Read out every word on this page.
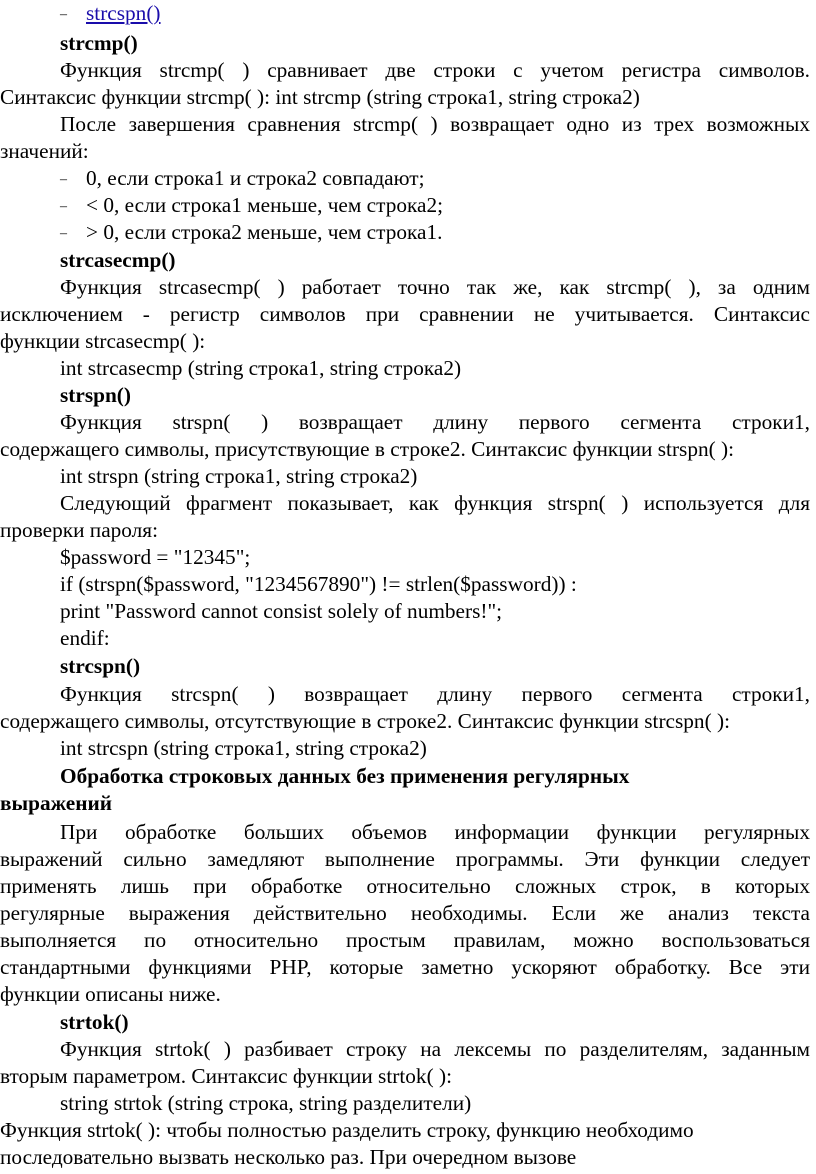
– strcspn()
strcmp()
Функция strcmp( ) сравнивает две строки с учетом регистра символов.
Синтаксис функции strcmp( ): int strcmp (string строка1, string строка2)
После завершения сравнения strcmp( ) возвращает одно из трех возможных
значений:
– 0, если строка1 и строка2 совпадают;
– < 0, если строка1 меньше, чем строка2;
– > 0, если строка2 меньше, чем строка1.
strcasecmp()
Функция strcasecmp( ) работает точно так же, как strcmp( ), за одним
исключением - регистр символов при сравнении не учитывается. Синтаксис
функции strcasecmp( ):
int strcasecmp (string строка1, string строка2)
strspn()
Функция strspn( ) возвращает длину первого сегмента строки1,
содержащего символы, присутствующие в строке2. Синтаксис функции strspn( ):
int strspn (string строка1, string строка2)
Следующий фрагмент показывает, как функция strspn( ) используется для
проверки пароля:
$password = "12345";
if (strspn($password, "1234567890") != strlen($password)) :
print "Password cannot consist solely of numbers!";
endif:
strcspn()
Функция strcspn( ) возвращает длину первого сегмента строки1,
содержащего символы, отсутствующие в строке2. Синтаксис функции strcspn( ):
int strcspn (string строка1, string строка2)
Обработка строковых данных без применения регулярных
выражений
При обработке больших объемов информации функции регулярных
выражений сильно замедляют выполнение программы. Эти функции следует
применять лишь при обработке относительно сложных строк, в которых
регулярные выражения действительно необходимы. Если же анализ текста
выполняется по относительно простым правилам, можно воспользоваться
стандартными функциями PHP, которые заметно ускоряют обработку. Все эти
функции описаны ниже.
strtok()
Функция strtok( ) разбивает строку на лексемы по разделителям, заданным
вторым параметром. Синтаксис функции strtok( ):
string strtok (string строка, string разделители)
Функция strtok( ): чтобы полностью разделить строку, функцию необходимо
последовательно вызвать несколько раз. При очередном вызове
